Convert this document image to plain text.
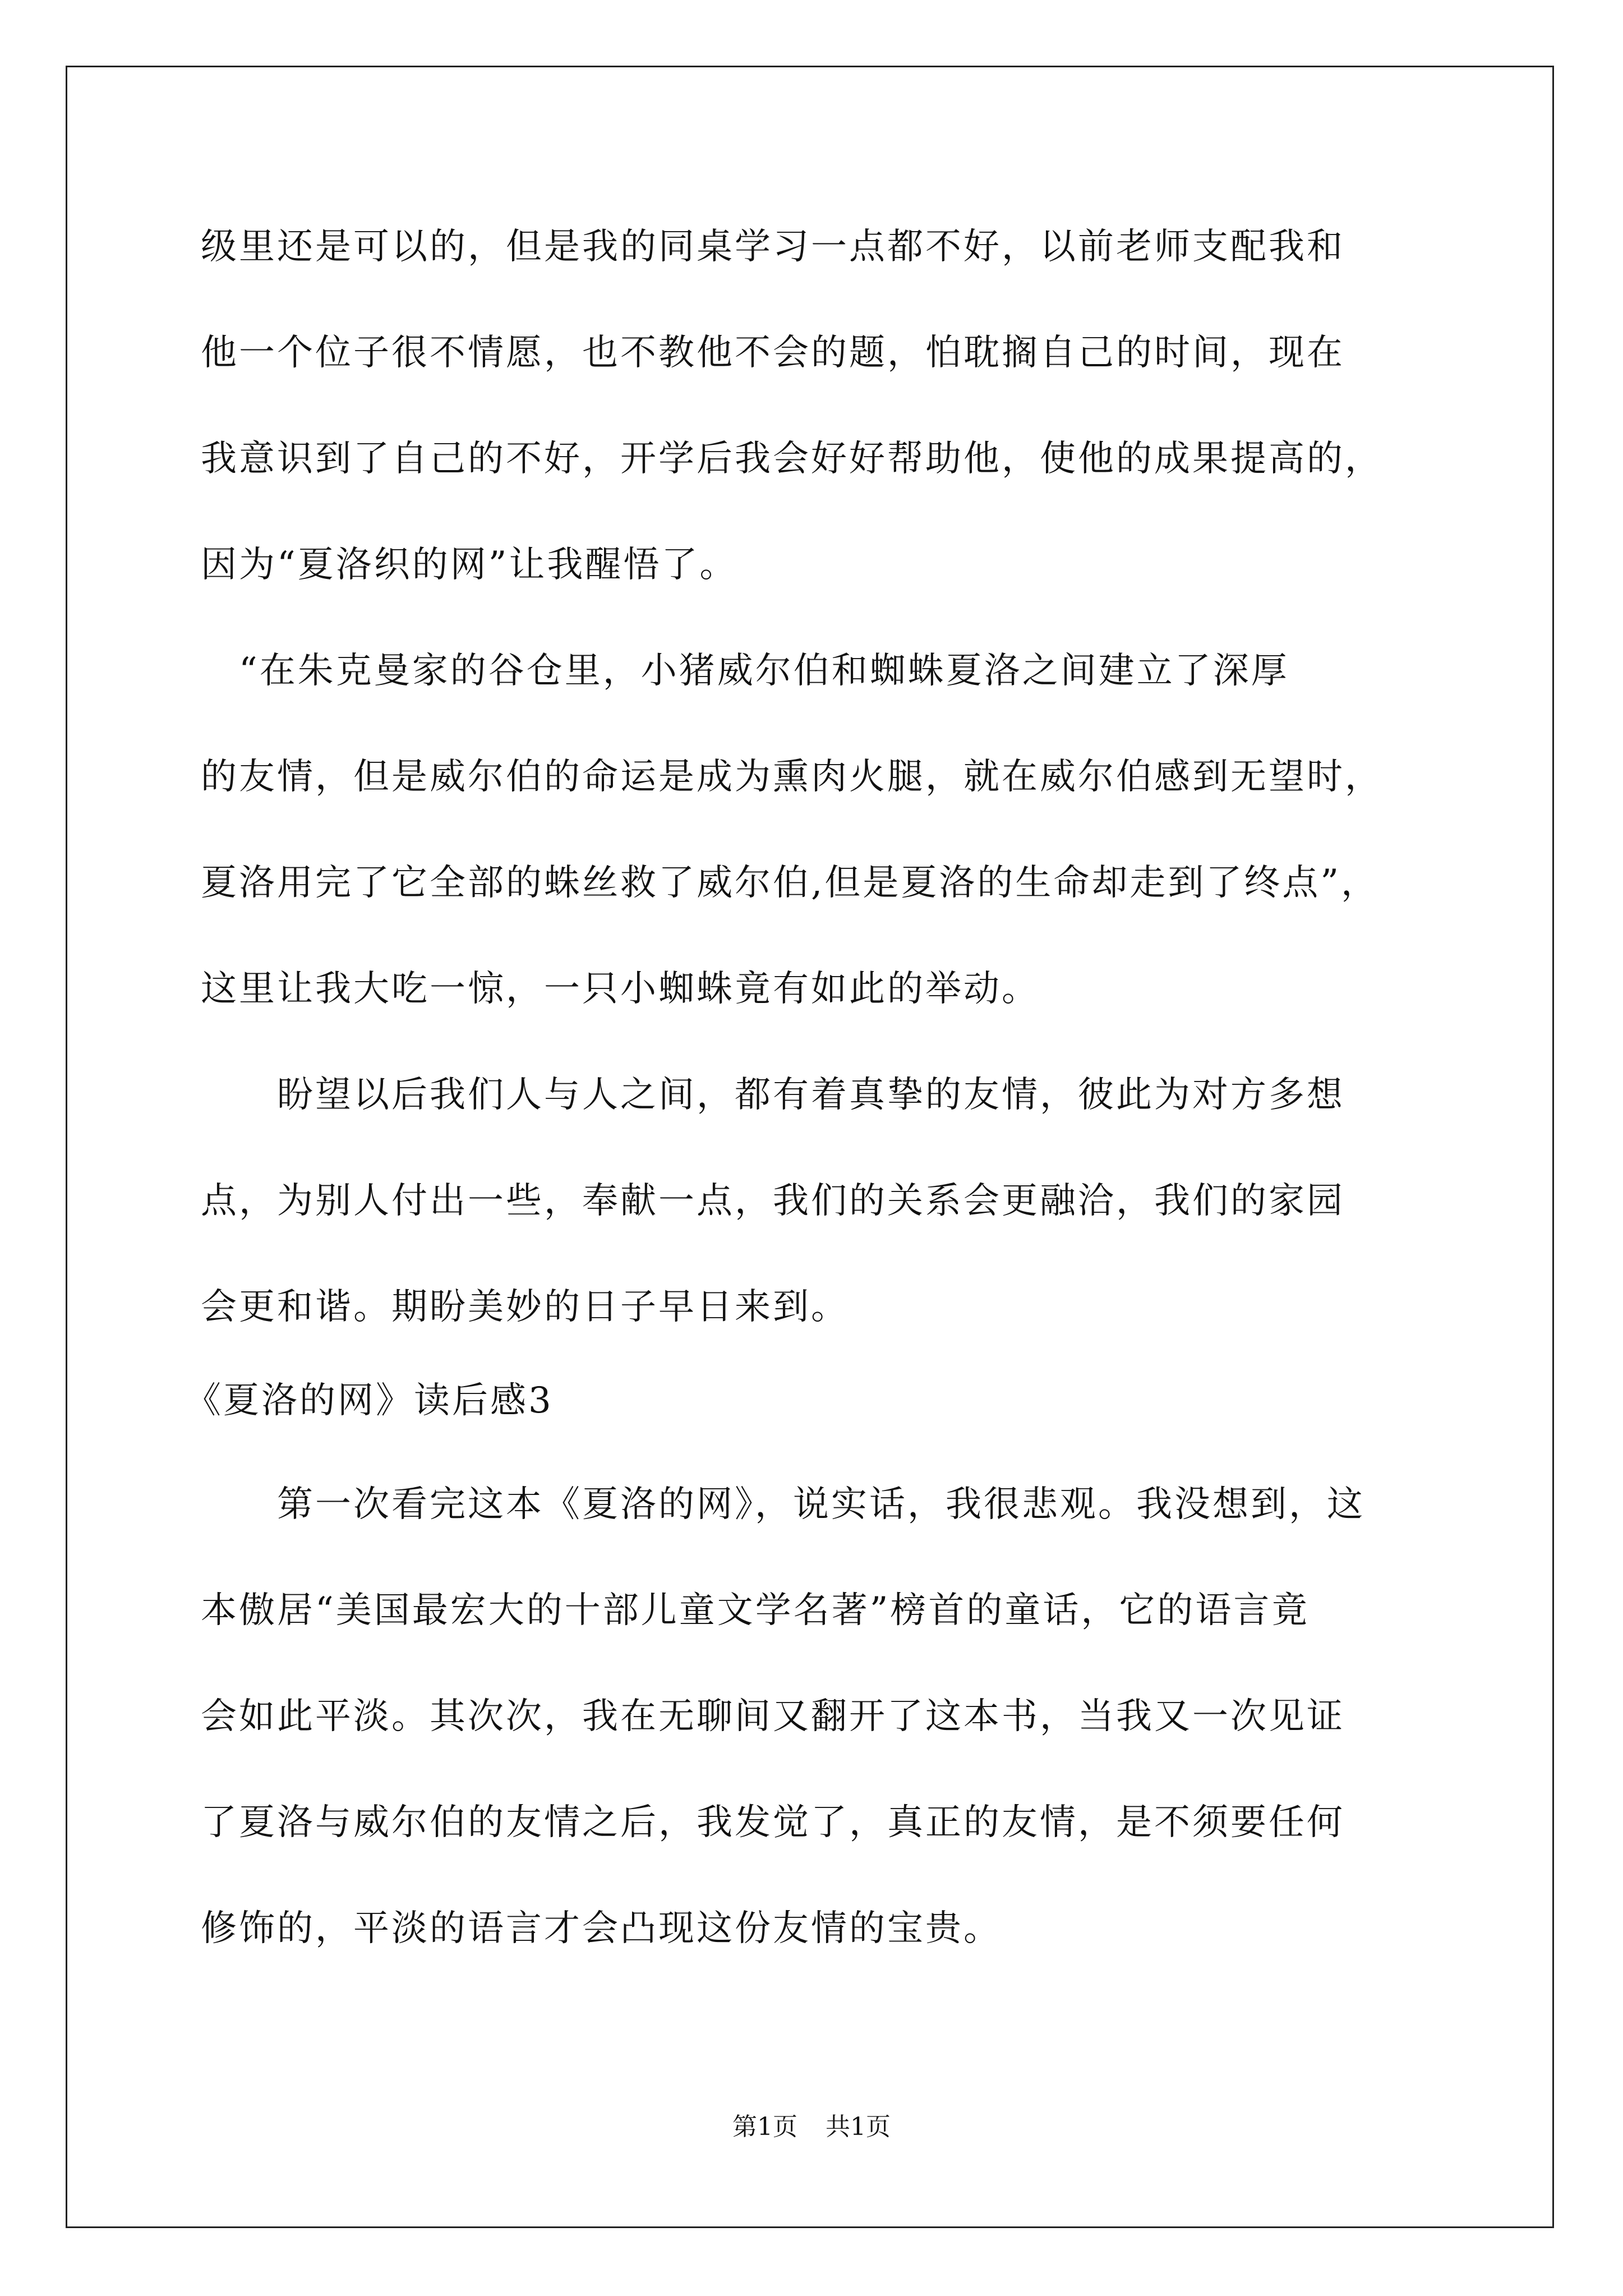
级里还是可以的，但是我的同桌学习一点都不好，以前老师支配我和
他一个位子很不情愿，也不教他不会的题，怕耽搁自己的时间，现在
我意识到了自己的不好，开学后我会好好帮助他，使他的成果提高的，
因为“夏洛织的网”让我醒悟了。
　“在朱克曼家的谷仓里，小猪威尔伯和蜘蛛夏洛之间建立了深厚
的友情，但是威尔伯的命运是成为熏肉火腿，就在威尔伯感到无望时，
夏洛用完了它全部的蛛丝救了威尔伯,但是夏洛的生命却走到了终点”，
这里让我大吃一惊，一只小蜘蛛竟有如此的举动。
　　盼望以后我们人与人之间，都有着真挚的友情，彼此为对方多想
点，为别人付出一些，奉献一点，我们的关系会更融洽，我们的家园
会更和谐。期盼美妙的日子早日来到。
《夏洛的网》读后感3
　　第一次看完这本《夏洛的网》，说实话，我很悲观。我没想到，这
本傲居“美国最宏大的十部儿童文学名著”榜首的童话，它的语言竟
会如此平淡。其次次，我在无聊间又翻开了这本书，当我又一次见证
了夏洛与威尔伯的友情之后，我发觉了，真正的友情，是不须要任何
修饰的，平淡的语言才会凸现这份友情的宝贵。
第1页 共1页
